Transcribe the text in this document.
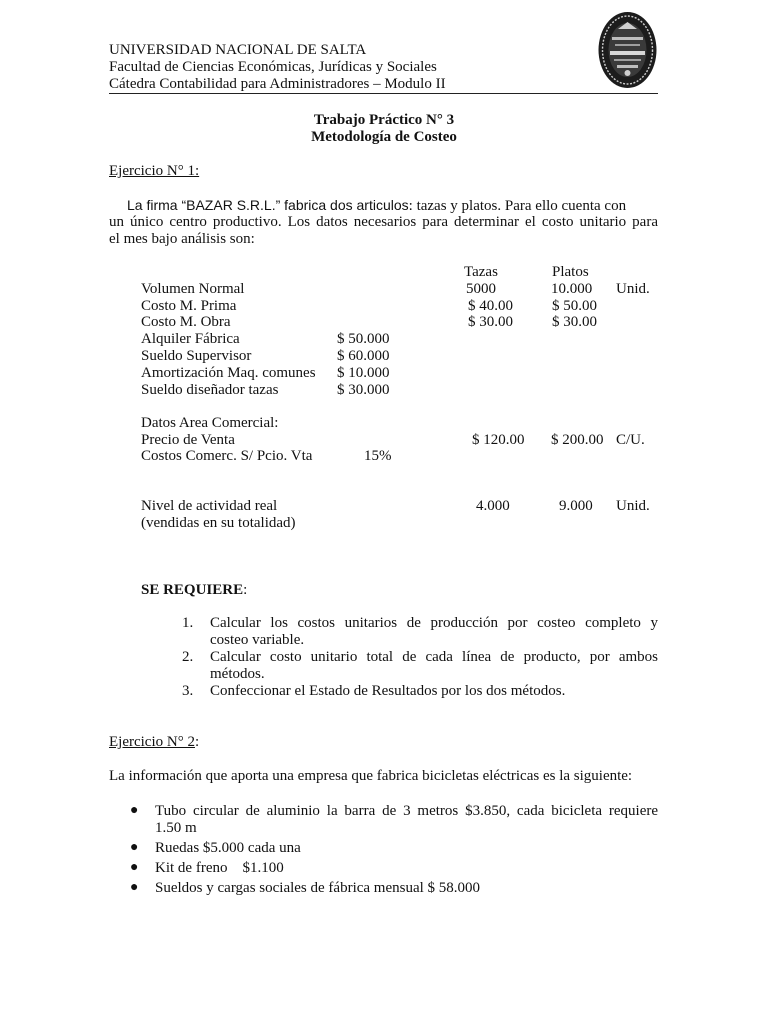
UNIVERSIDAD NACIONAL DE SALTA
Facultad de Ciencias Económicas, Jurídicas y Sociales
Cátedra Contabilidad para Administradores – Modulo II
Trabajo Práctico N° 3
Metodología de Costeo
Ejercicio N° 1:
La firma “BAZAR S.R.L.” fabrica dos articulos: tazas y platos. Para ello cuenta con
un único centro productivo. Los datos necesarios para determinar el costo unitario para
el mes bajo análisis son:
Tazas	Platos
Volumen Normal	5000	10.000 Unid.
Costo M. Prima	$ 40.00	$ 50.00
Costo M. Obra	$ 30.00	$ 30.00
Alquiler Fábrica	$ 50.000
Sueldo Supervisor	$ 60.000
Amortización Maq. comunes $ 10.000
Sueldo diseñador tazas	$ 30.000
Datos Area Comercial:
Precio de Venta	$ 120.00 $ 200.00 C/U.
Costos Comerc. S/ Pcio. Vta	15%
Nivel de actividad real	4.000	9.000 Unid.
(vendidas en su totalidad)
SE REQUIERE:
1. Calcular los costos unitarios de producción por costeo completo y
costeo variable.
2. Calcular costo unitario total de cada línea de producto, por ambos
métodos.
3. Confeccionar el Estado de Resultados por los dos métodos.
Ejercicio N° 2:
La información que aporta una empresa que fabrica bicicletas eléctricas es la siguiente:
● Tubo circular de aluminio la barra de 3 metros $3.850, cada bicicleta requiere
1.50 m
● Ruedas $5.000 cada una
● Kit de freno    $1.100
● Sueldos y cargas sociales de fábrica mensual $ 58.000
